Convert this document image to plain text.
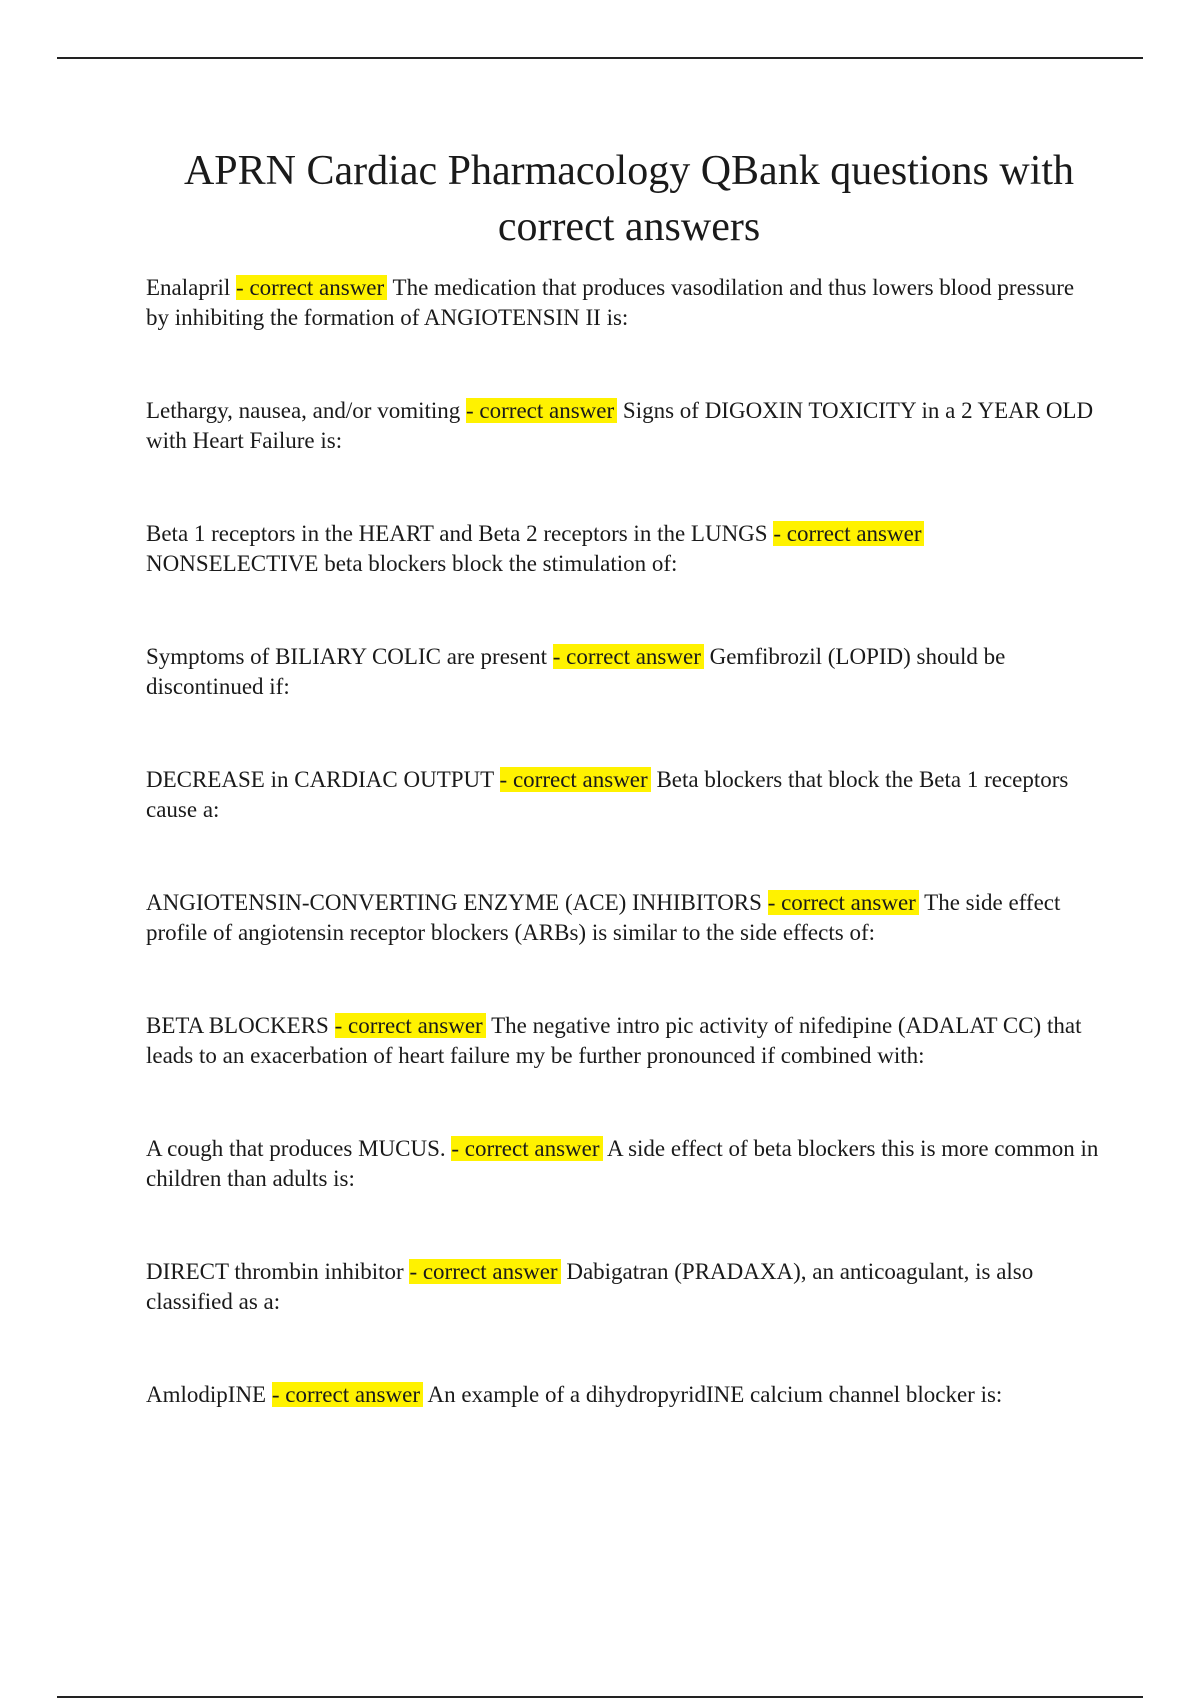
APRN Cardiac Pharmacology QBank questions with correct answers

Enalapril - correct answer The medication that produces vasodilation and thus lowers blood pressure by inhibiting the formation of ANGIOTENSIN II is:

Lethargy, nausea, and/or vomiting - correct answer Signs of DIGOXIN TOXICITY in a 2 YEAR OLD with Heart Failure is:

Beta 1 receptors in the HEART and Beta 2 receptors in the LUNGS - correct answer NONSELECTIVE beta blockers block the stimulation of:

Symptoms of BILIARY COLIC are present - correct answer Gemfibrozil (LOPID) should be discontinued if:

DECREASE in CARDIAC OUTPUT - correct answer Beta blockers that block the Beta 1 receptors cause a:

ANGIOTENSIN-CONVERTING ENZYME (ACE) INHIBITORS - correct answer The side effect profile of angiotensin receptor blockers (ARBs) is similar to the side effects of:

BETA BLOCKERS - correct answer The negative intro pic activity of nifedipine (ADALAT CC) that leads to an exacerbation of heart failure my be further pronounced if combined with:

A cough that produces MUCUS. - correct answer A side effect of beta blockers this is more common in children than adults is:

DIRECT thrombin inhibitor - correct answer Dabigatran (PRADAXA), an anticoagulant, is also classified as a:

AmlodipINE - correct answer An example of a dihydropyridINE calcium channel blocker is:
